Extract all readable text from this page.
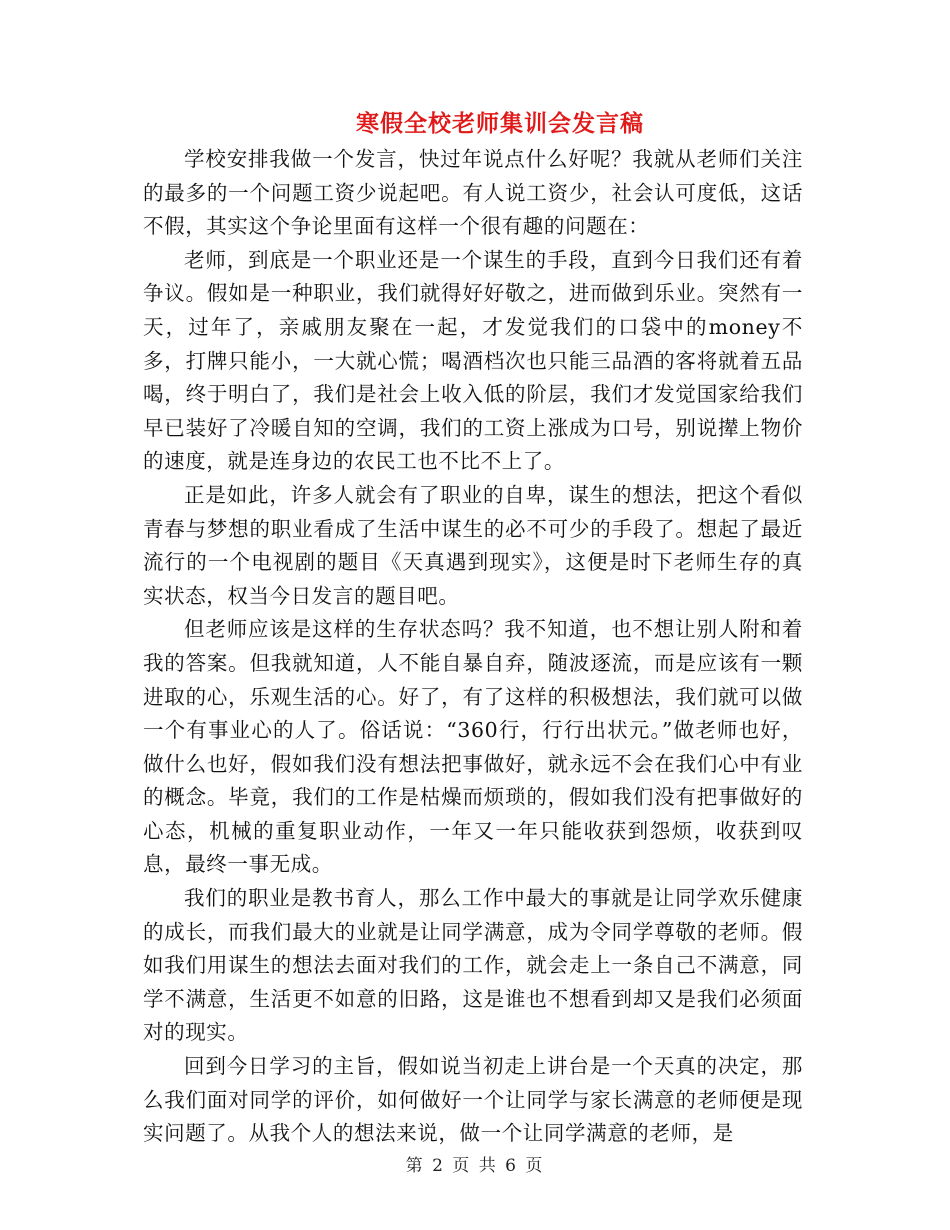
寒假全校老师集训会发言稿

学校安排我做一个发言，快过年说点什么好呢？我就从老师们关注的最多的一个问题工资少说起吧。有人说工资少，社会认可度低，这话不假，其实这个争论里面有这样一个很有趣的问题在：

老师，到底是一个职业还是一个谋生的手段，直到今日我们还有着争议。假如是一种职业，我们就得好好敬之，进而做到乐业。突然有一天，过年了，亲戚朋友聚在一起，才发觉我们的口袋中的money不多，打牌只能小，一大就心慌；喝酒档次也只能三品酒的客将就着五品喝，终于明白了，我们是社会上收入低的阶层，我们才发觉国家给我们早已装好了冷暖自知的空调，我们的工资上涨成为口号，别说撵上物价的速度，就是连身边的农民工也不比不上了。

正是如此，许多人就会有了职业的自卑，谋生的想法，把这个看似青春与梦想的职业看成了生活中谋生的必不可少的手段了。想起了最近流行的一个电视剧的题目《天真遇到现实》，这便是时下老师生存的真实状态，权当今日发言的题目吧。

但老师应该是这样的生存状态吗？我不知道，也不想让别人附和着我的答案。但我就知道，人不能自暴自弃，随波逐流，而是应该有一颗进取的心，乐观生活的心。好了，有了这样的积极想法，我们就可以做一个有事业心的人了。俗话说：“360行，行行出状元。”做老师也好，做什么也好，假如我们没有想法把事做好，就永远不会在我们心中有业的概念。毕竟，我们的工作是枯燥而烦琐的，假如我们没有把事做好的心态，机械的重复职业动作，一年又一年只能收获到怨烦，收获到叹息，最终一事无成。

我们的职业是教书育人，那么工作中最大的事就是让同学欢乐健康的成长，而我们最大的业就是让同学满意，成为令同学尊敬的老师。假如我们用谋生的想法去面对我们的工作，就会走上一条自己不满意，同学不满意，生活更不如意的旧路，这是谁也不想看到却又是我们必须面对的现实。

回到今日学习的主旨，假如说当初走上讲台是一个天真的决定，那么我们面对同学的评价，如何做好一个让同学与家长满意的老师便是现实问题了。从我个人的想法来说，做一个让同学满意的老师，是

第 2 页 共 6 页
